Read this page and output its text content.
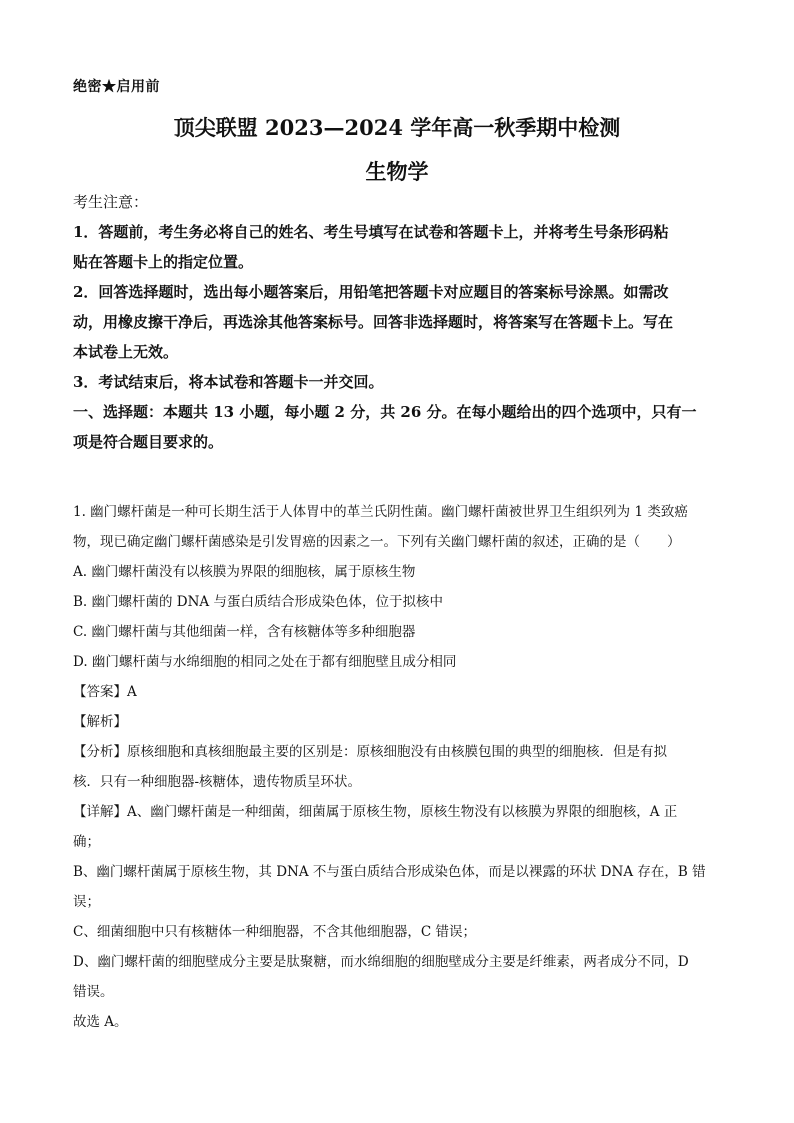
绝密★启用前
顶尖联盟 2023—2024 学年高一秋季期中检测
生物学
考生注意：
1．答题前，考生务必将自己的姓名、考生号填写在试卷和答题卡上，并将考生号条形码粘
贴在答题卡上的指定位置。
2．回答选择题时，选出每小题答案后，用铅笔把答题卡对应题目的答案标号涂黑。如需改
动，用橡皮擦干净后，再选涂其他答案标号。回答非选择题时，将答案写在答题卡上。写在
本试卷上无效。
3．考试结束后，将本试卷和答题卡一并交回。
一、选择题：本题共 13 小题，每小题 2 分，共 26 分。在每小题给出的四个选项中，只有一
项是符合题目要求的。
1. 幽门螺杆菌是一种可长期生活于人体胃中的革兰氏阴性菌。幽门螺杆菌被世界卫生组织列为 1 类致癌
物，现已确定幽门螺杆菌感染是引发胃癌的因素之一。下列有关幽门螺杆菌的叙述，正确的是（　　）
A. 幽门螺杆菌没有以核膜为界限的细胞核，属于原核生物
B. 幽门螺杆菌的 DNA 与蛋白质结合形成染色体，位于拟核中
C. 幽门螺杆菌与其他细菌一样，含有核糖体等多种细胞器
D. 幽门螺杆菌与水绵细胞的相同之处在于都有细胞壁且成分相同
【答案】A
【解析】
【分析】原核细胞和真核细胞最主要的区别是：原核细胞没有由核膜包围的典型的细胞核．但是有拟
核．只有一种细胞器-核糖体，遗传物质呈环状。
【详解】A、幽门螺杆菌是一种细菌，细菌属于原核生物，原核生物没有以核膜为界限的细胞核，A 正
确；
B、幽门螺杆菌属于原核生物，其 DNA 不与蛋白质结合形成染色体，而是以裸露的环状 DNA 存在，B 错
误；
C、细菌细胞中只有核糖体一种细胞器，不含其他细胞器，C 错误；
D、幽门螺杆菌的细胞壁成分主要是肽聚糖，而水绵细胞的细胞壁成分主要是纤维素，两者成分不同，D
错误。
故选 A。
